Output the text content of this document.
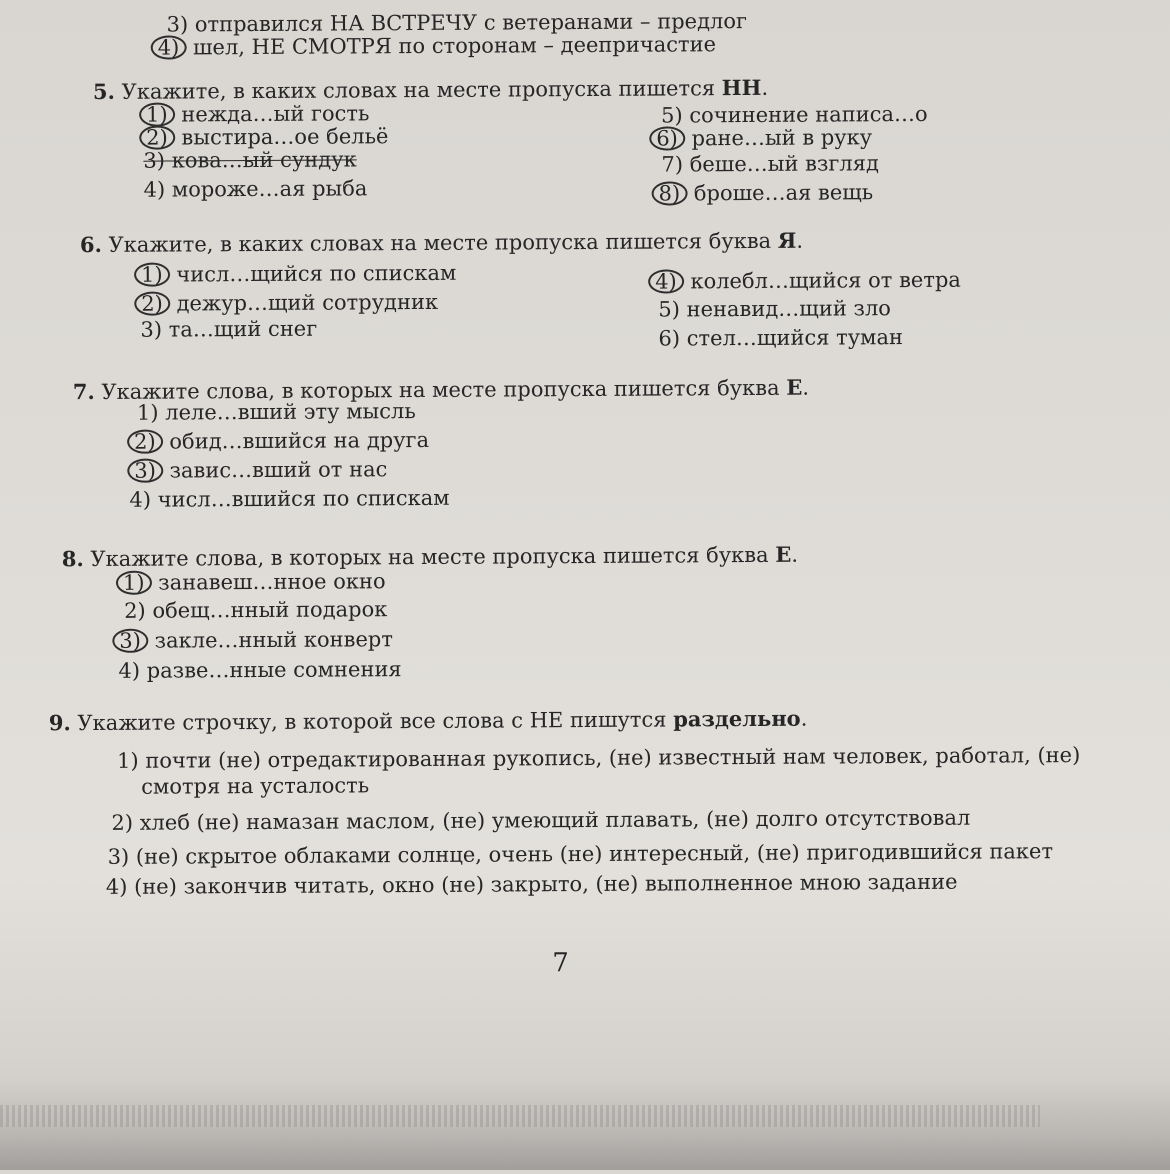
3) отправился НА ВСТРЕЧУ с ветеранами – предлог
4) шел, НЕ СМОТРЯ по сторонам – деепричастие
5. Укажите, в каких словах на месте пропуска пишется НН.
1) нежда…ый гость
2) выстира…ое бельё
3) кова…ый сундук
4) мороже…ая рыба
5) сочинение написа…о
6) ране…ый в руку
7) беше…ый взгляд
8) броше…ая вещь
6. Укажите, в каких словах на месте пропуска пишется буква Я.
1) числ…щийся по спискам
2) дежур…щий сотрудник
3) та…щий снег
4) колебл…щийся от ветра
5) ненавид…щий зло
6) стел…щийся туман
7. Укажите слова, в которых на месте пропуска пишется буква Е.
1) леле…вший эту мысль
2) обид…вшийся на друга
3) завис…вший от нас
4) числ…вшийся по спискам
8. Укажите слова, в которых на месте пропуска пишется буква Е.
1) занавеш…нное окно
2) обещ…нный подарок
3) закле…нный конверт
4) разве…нные сомнения
9. Укажите строчку, в которой все слова с НЕ пишутся раздельно.
1) почти (не) отредактированная рукопись, (не) известный нам человек, работал, (не)
смотря на усталость
2) хлеб (не) намазан маслом, (не) умеющий плавать, (не) долго отсутствовал
3) (не) скрытое облаками солнце, очень (не) интересный, (не) пригодившийся пакет
4) (не) закончив читать, окно (не) закрыто, (не) выполненное мною задание
7
